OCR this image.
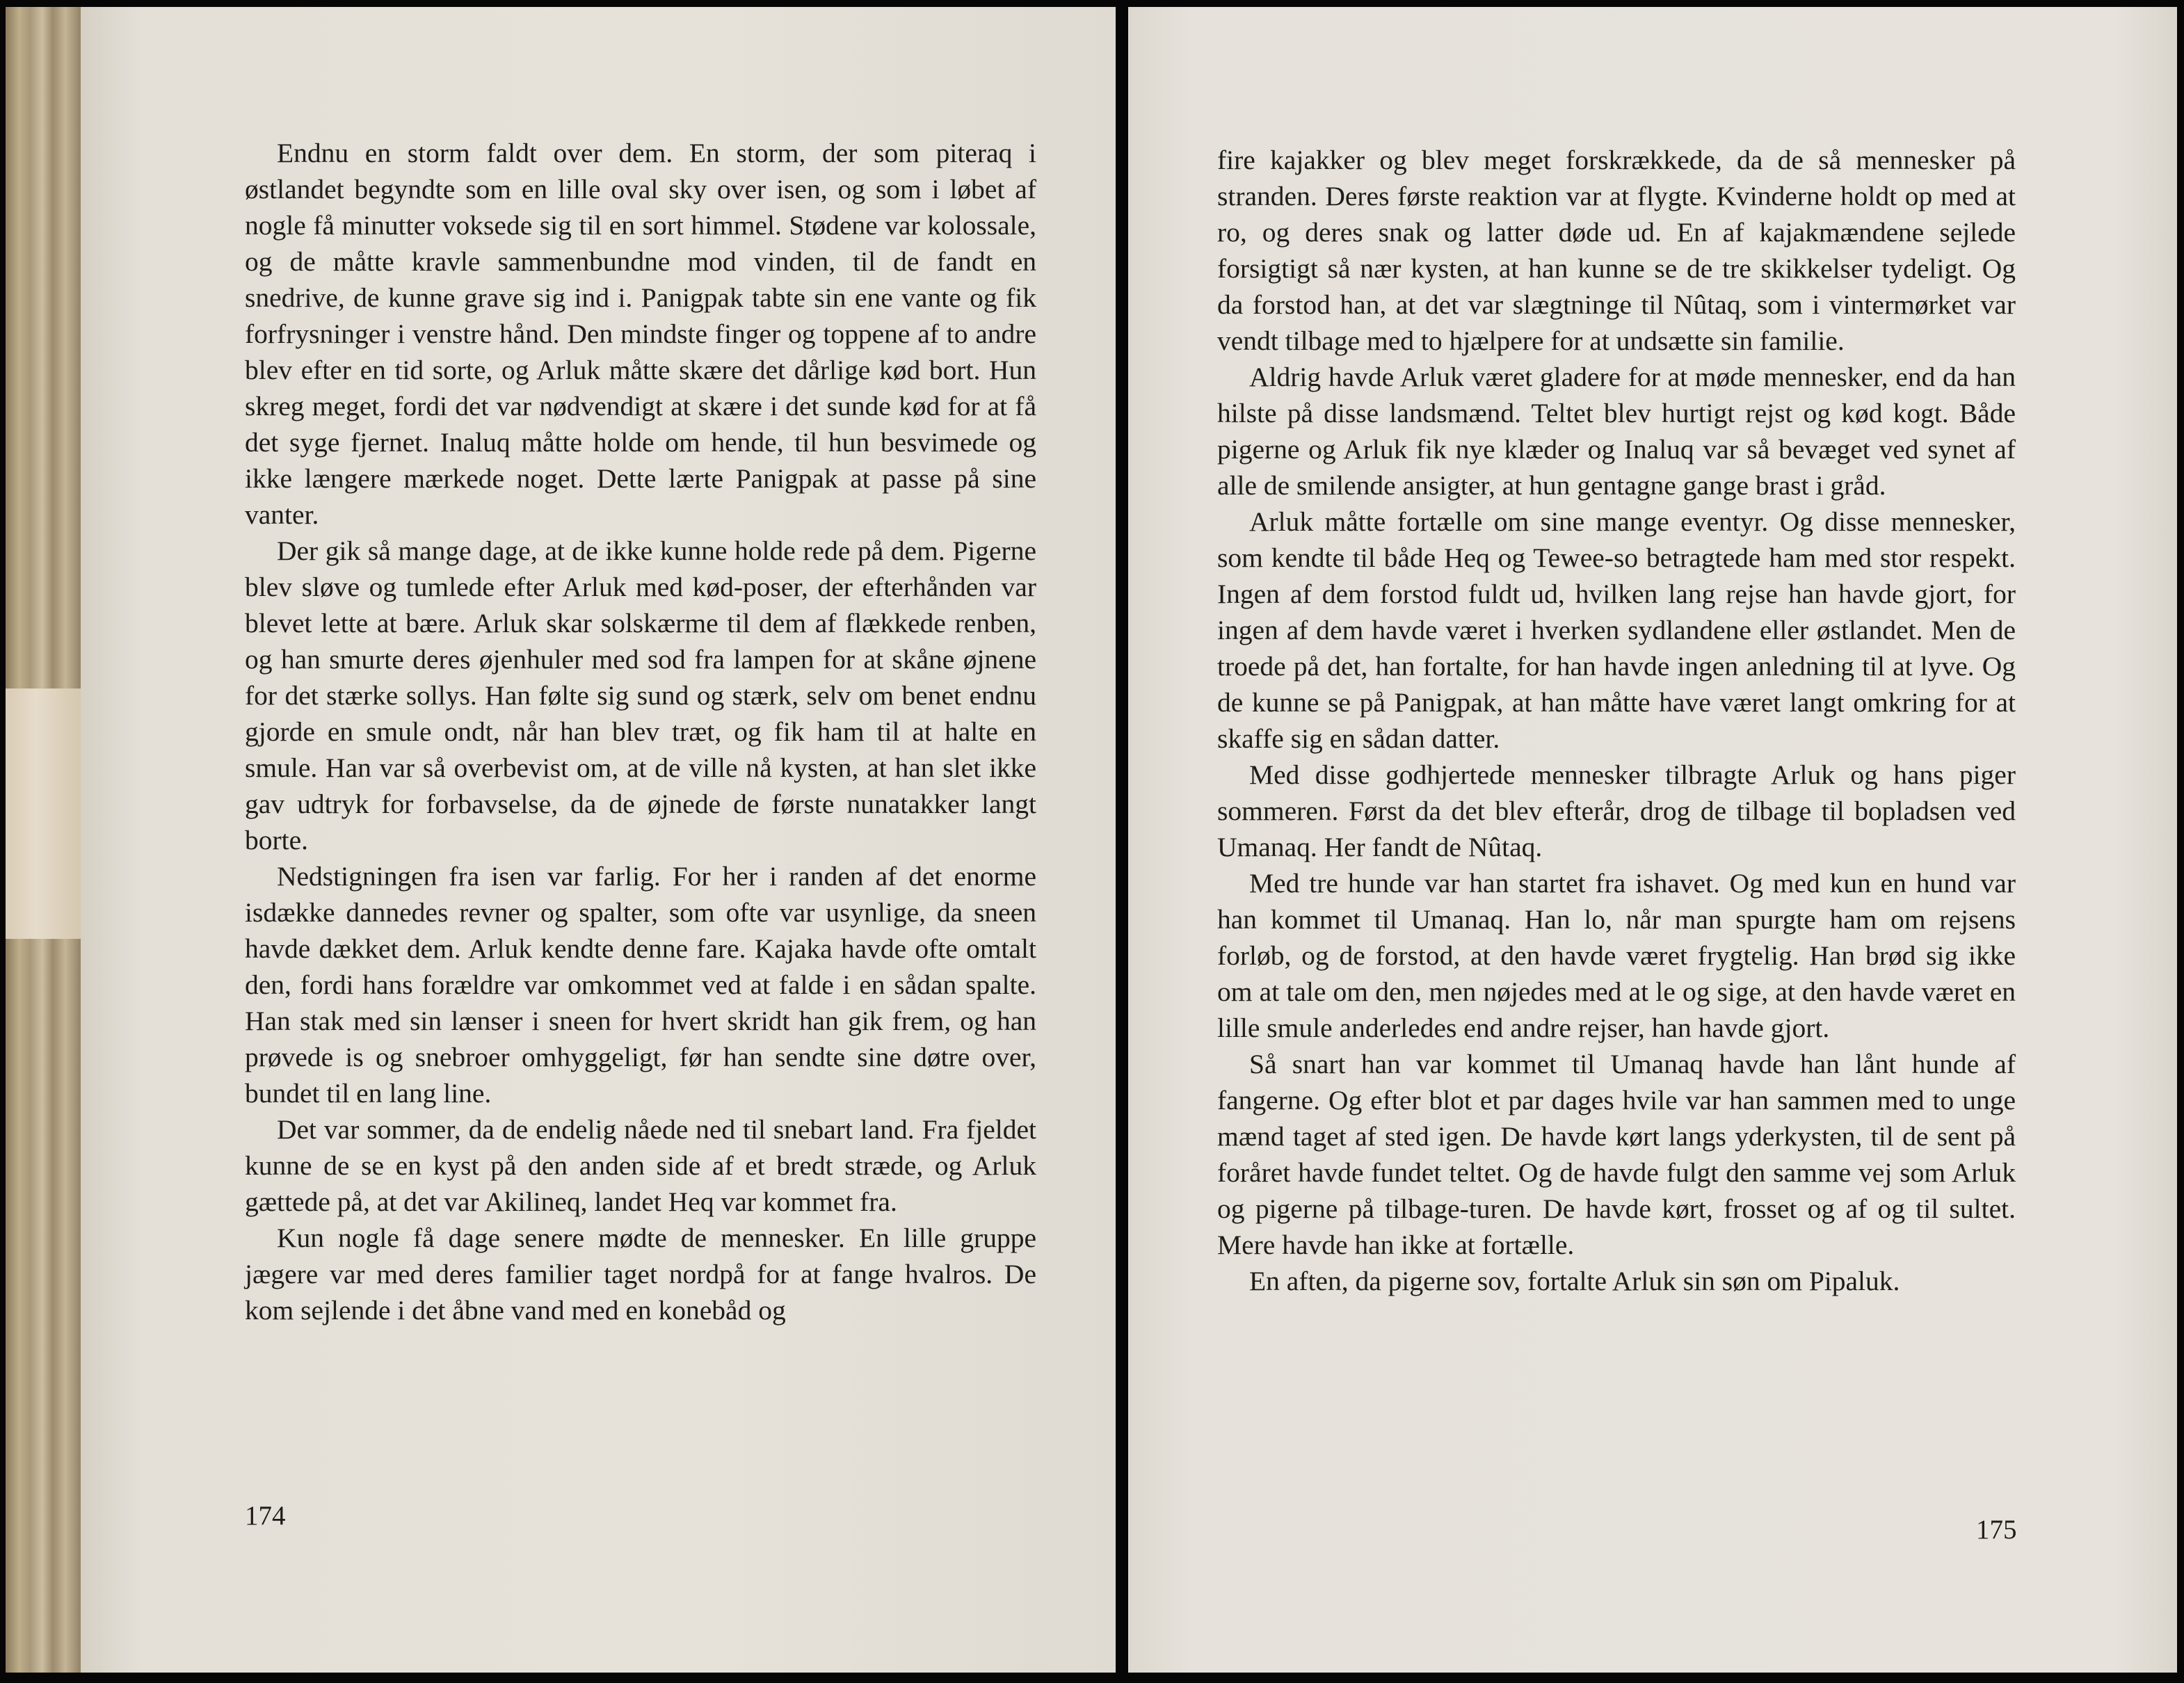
Endnu en storm faldt over dem. En storm, der som piteraq i østlandet begyndte som en lille oval sky over isen, og som i løbet af nogle få minutter voksede sig til en sort himmel. Stødene var kolossale, og de måtte kravle sammenbundne mod vinden, til de fandt en snedrive, de kunne grave sig ind i. Panigpak tabte sin ene vante og fik forfrysninger i venstre hånd. Den mindste finger og toppene af to andre blev efter en tid sorte, og Arluk måtte skære det dårlige kød bort. Hun skreg meget, fordi det var nødvendigt at skære i det sunde kød for at få det syge fjernet. Inaluq måtte holde om hende, til hun besvimede og ikke længere mærkede noget. Dette lærte Panigpak at passe på sine vanter.

Der gik så mange dage, at de ikke kunne holde rede på dem. Pigerne blev sløve og tumlede efter Arluk med kød-poser, der efterhånden var blevet lette at bære. Arluk skar solskærme til dem af flækkede renben, og han smurte deres øjenhuler med sod fra lampen for at skåne øjnene for det stærke sollys. Han følte sig sund og stærk, selv om benet endnu gjorde en smule ondt, når han blev træt, og fik ham til at halte en smule. Han var så overbevist om, at de ville nå kysten, at han slet ikke gav udtryk for forbavselse, da de øjnede de første nunatakker langt borte.

Nedstigningen fra isen var farlig. For her i randen af det enorme isdække dannedes revner og spalter, som ofte var usynlige, da sneen havde dækket dem. Arluk kendte denne fare. Kajaka havde ofte omtalt den, fordi hans forældre var omkommet ved at falde i en sådan spalte. Han stak med sin lænser i sneen for hvert skridt han gik frem, og han prøvede is og snebroer omhyggeligt, før han sendte sine døtre over, bundet til en lang line.

Det var sommer, da de endelig nåede ned til snebart land. Fra fjeldet kunne de se en kyst på den anden side af et bredt stræde, og Arluk gættede på, at det var Akilineq, landet Heq var kommet fra.

Kun nogle få dage senere mødte de mennesker. En lille gruppe jægere var med deres familier taget nordpå for at fange hvalros. De kom sejlende i det åbne vand med en konebåd og

174

fire kajakker og blev meget forskrækkede, da de så mennesker på stranden. Deres første reaktion var at flygte. Kvinderne holdt op med at ro, og deres snak og latter døde ud. En af kajakmændene sejlede forsigtigt så nær kysten, at han kunne se de tre skikkelser tydeligt. Og da forstod han, at det var slægtninge til Nûtaq, som i vintermørket var vendt tilbage med to hjælpere for at undsætte sin familie.

Aldrig havde Arluk været gladere for at møde mennesker, end da han hilste på disse landsmænd. Teltet blev hurtigt rejst og kød kogt. Både pigerne og Arluk fik nye klæder og Inaluq var så bevæget ved synet af alle de smilende ansigter, at hun gentagne gange brast i gråd.

Arluk måtte fortælle om sine mange eventyr. Og disse mennesker, som kendte til både Heq og Tewee-so betragtede ham med stor respekt. Ingen af dem forstod fuldt ud, hvilken lang rejse han havde gjort, for ingen af dem havde været i hverken sydlandene eller østlandet. Men de troede på det, han fortalte, for han havde ingen anledning til at lyve. Og de kunne se på Panigpak, at han måtte have været langt omkring for at skaffe sig en sådan datter.

Med disse godhjertede mennesker tilbragte Arluk og hans piger sommeren. Først da det blev efterår, drog de tilbage til bopladsen ved Umanaq. Her fandt de Nûtaq.

Med tre hunde var han startet fra ishavet. Og med kun en hund var han kommet til Umanaq. Han lo, når man spurgte ham om rejsens forløb, og de forstod, at den havde været frygtelig. Han brød sig ikke om at tale om den, men nøjedes med at le og sige, at den havde været en lille smule anderledes end andre rejser, han havde gjort.

Så snart han var kommet til Umanaq havde han lånt hunde af fangerne. Og efter blot et par dages hvile var han sammen med to unge mænd taget af sted igen. De havde kørt langs yderkysten, til de sent på foråret havde fundet teltet. Og de havde fulgt den samme vej som Arluk og pigerne på tilbage-turen. De havde kørt, frosset og af og til sultet. Mere havde han ikke at fortælle.

En aften, da pigerne sov, fortalte Arluk sin søn om Pipaluk.

175
